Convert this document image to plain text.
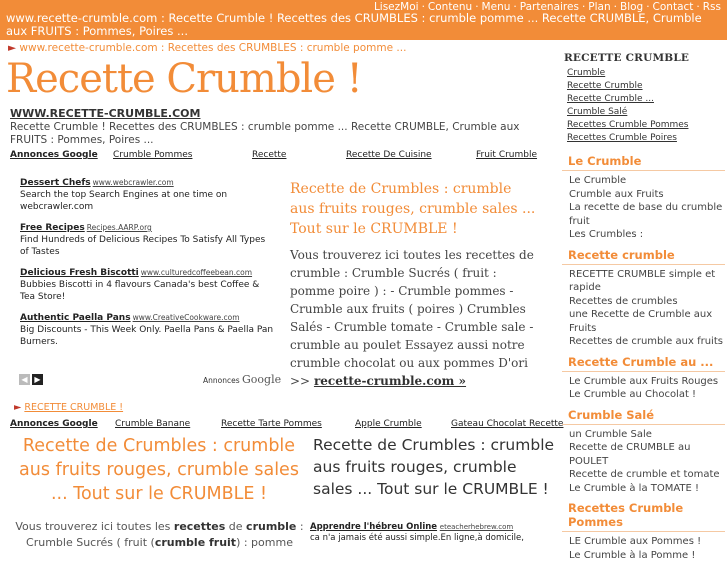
LisezMoi · Contenu · Menu · Partenaires · Plan · Blog · Contact · Rss
www.recette-crumble.com : Recette Crumble ! Recettes des CRUMBLES : crumble pomme ... Recette CRUMBLE, Crumble aux FRUITS : Pommes, Poires ...
► www.recette-crumble.com : Recettes des CRUMBLES : crumble pomme ...
Recette Crumble !
WWW.RECETTE-CRUMBLE.COM
Recette Crumble ! Recettes des CRUMBLES : crumble pomme ... Recette CRUMBLE, Crumble aux FRUITS : Pommes, Poires ...
Annonces Google Crumble Pommes	Recette	Recette De Cuisine	Fruit Crumble
Dessert Chefs www.webcrawler.com
Search the top Search Engines at one time on webcrawler.com
Free Recipes Recipes.AARP.org
Find Hundreds of Delicious Recipes To Satisfy All Types of Tastes
Delicious Fresh Biscotti www.culturedcoffeebean.com
Bubbies Biscotti in 4 flavours Canada's best Coffee & Tea Store!
Authentic Paella Pans www.CreativeCookware.com
Big Discounts - This Week Only. Paella Pans & Paella Pan Burners.
◀ ▶	Annonces Google
Recette de Crumbles : crumble aus fruits rouges, crumble sales ... Tout sur le CRUMBLE !
Vous trouverez ici toutes les recettes de crumble : Crumble Sucrés ( fruit : pomme poire ) : - Crumble pommes - Crumble aux fruits ( poires ) Crumbles Salés - Crumble tomate - Crumble sale - crumble au poulet Essayez aussi notre crumble chocolat ou aux pommes D'ori >> recette-crumble.com »
► RECETTE CRUMBLE !
Annonces Google Crumble Banane	Recette Tarte Pommes	Apple Crumble	Gateau Chocolat Recette
Recette de Crumbles : crumble aus fruits rouges, crumble sales ... Tout sur le CRUMBLE !
Recette de Crumbles : crumble aus fruits rouges, crumble sales ... Tout sur le CRUMBLE !
Vous trouverez ici toutes les recettes de crumble : Crumble Sucrés ( fruit (crumble fruit) : pomme
Apprendre l'hébreu Online eteacherhebrew.com
ca n'a jamais été aussi simple.En ligne,à domicile,
RECETTE CRUMBLE
Crumble
Recette Crumble
Recette Crumble ...
Crumble Salé
Recettes Crumble Pommes
Recettes Crumble Poires
Le Crumble
Le Crumble
Crumble aux Fruits
La recette de base du crumble fruit
Les Crumbles :
Recette crumble
RECETTE CRUMBLE simple et rapide
Recettes de crumbles
une Recette de Crumble aux Fruits
Recettes de crumble aux fruits
Recette Crumble au ...
Le Crumble aux Fruits Rouges
Le Crumble au Chocolat !
Crumble Salé
un Crumble Sale
Recette de CRUMBLE au POULET
Recette de crumble et tomate
Le Crumble à la TOMATE !
Recettes Crumble Pommes
LE Crumble aux Pommes !
Le Crumble à la Pomme !
